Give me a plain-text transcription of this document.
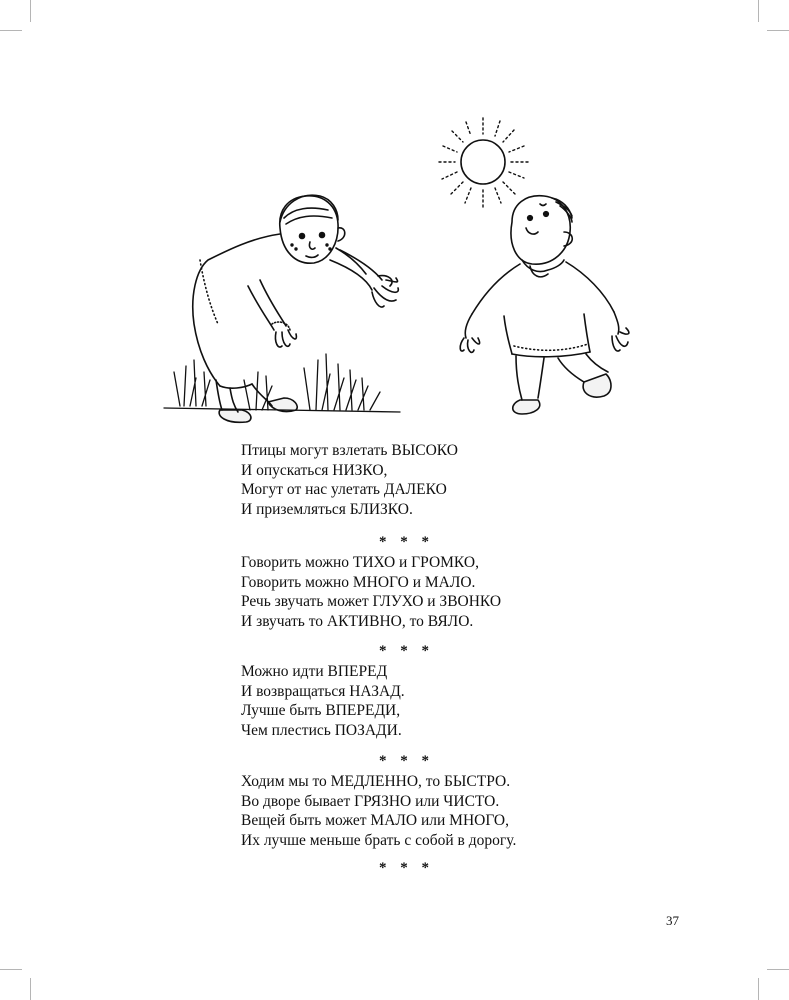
Птицы могут взлетать ВЫСОКО
И опускаться НИЗКО,
Могут от нас улетать ДАЛЕКО
И приземляться БЛИЗКО.
* * *
Говорить можно ТИХО и ГРОМКО,
Говорить можно МНОГО и МАЛО.
Речь звучать может ГЛУХО и ЗВОНКО
И звучать то АКТИВНО, то ВЯЛО.
* * *
Можно идти ВПЕРЕД
И возвращаться НАЗАД.
Лучше быть ВПЕРЕДИ,
Чем плестись ПОЗАДИ.
* * *
Ходим мы то МЕДЛЕННО, то БЫСТРО.
Во дворе бывает ГРЯЗНО или ЧИСТО.
Вещей быть может МАЛО или МНОГО,
Их лучше меньше брать с собой в дорогу.
* * *
37
